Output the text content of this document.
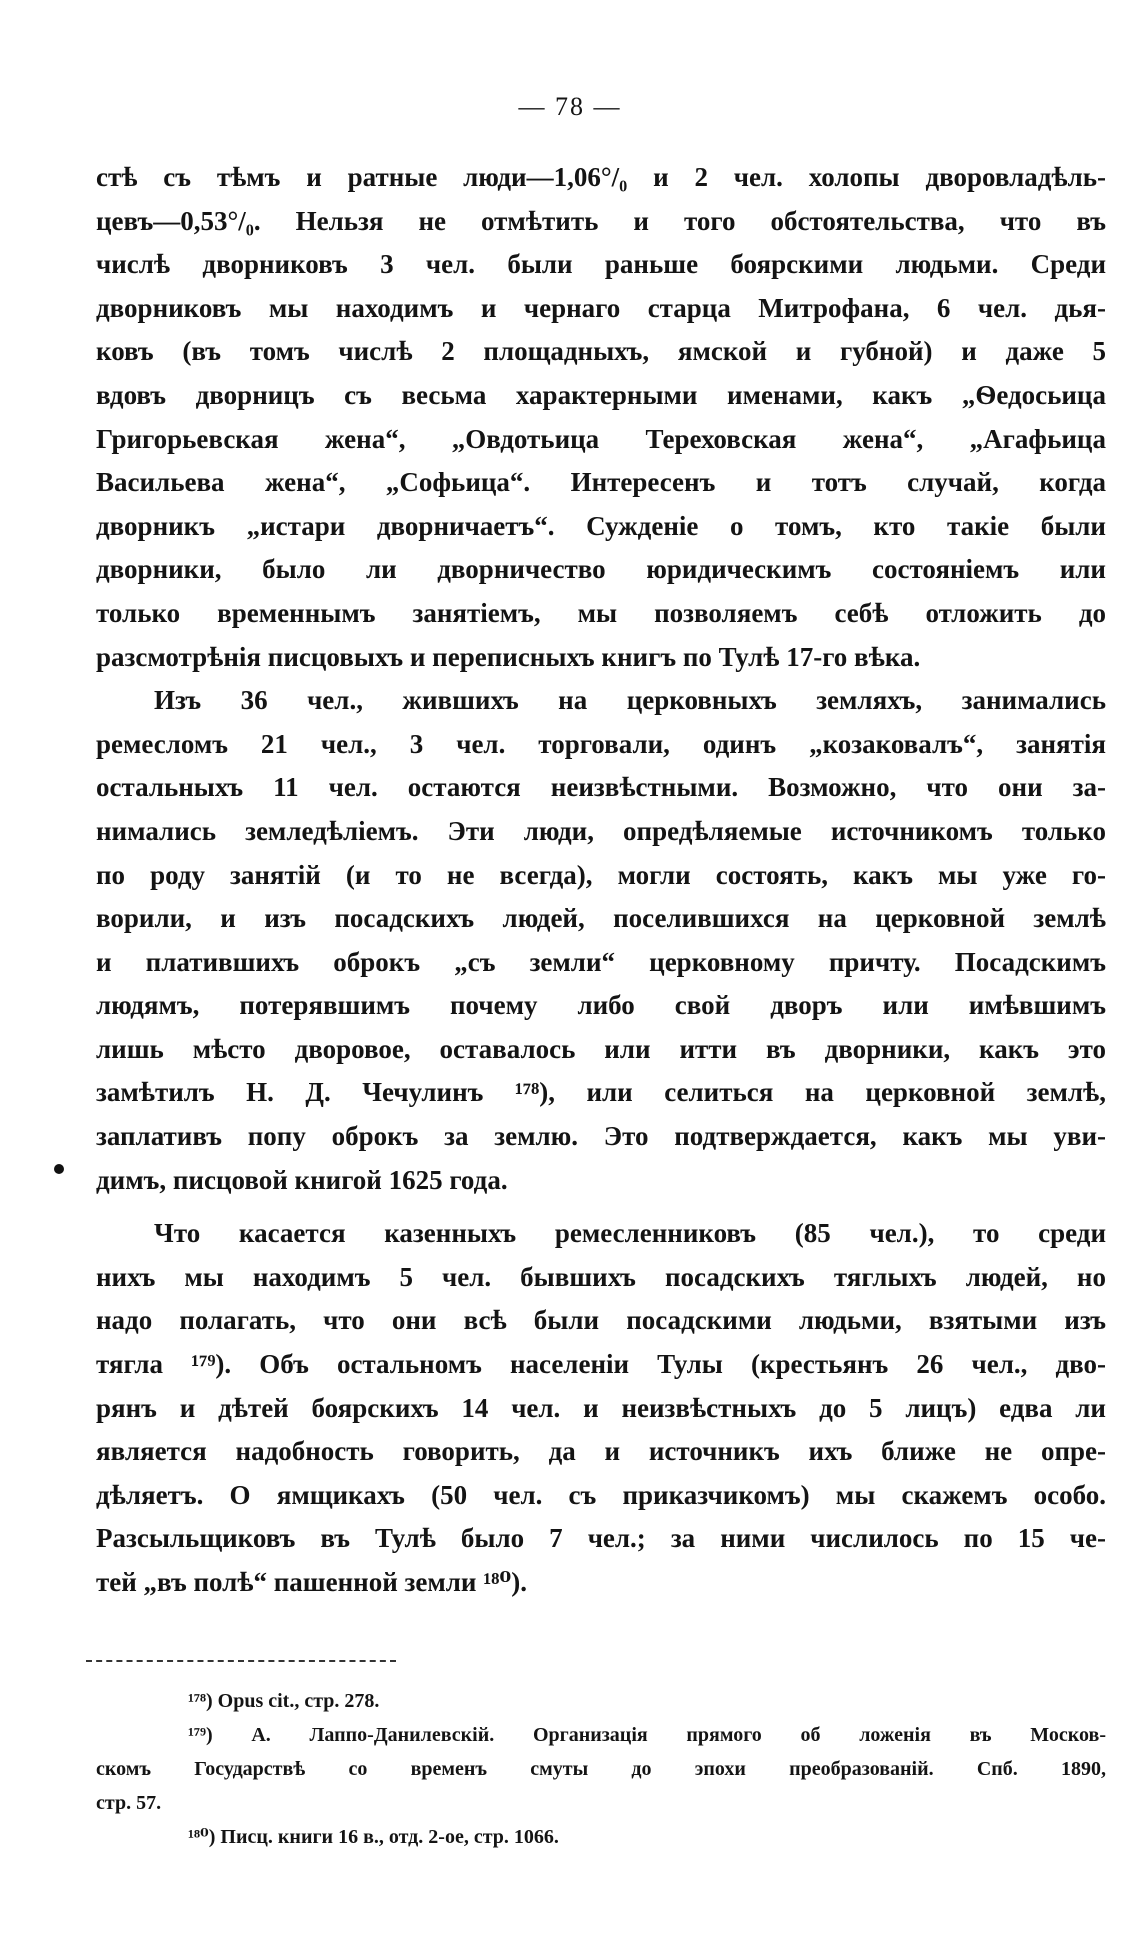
— 78 —

стѣ съ тѣмъ и ратные люди—1,06°/₀ и 2 чел. холопы дворовладѣль-
цевъ—0,53°/₀. Нельзя не отмѣтить и того обстоятельства, что въ
числѣ дворниковъ 3 чел. были раньше боярскими людьми. Среди
дворниковъ мы находимъ и чернаго старца Митрофана, 6 чел. дья-
ковъ (въ томъ числѣ 2 площадныхъ, ямской и губной) и даже 5
вдовъ дворницъ съ весьма характерными именами, какъ „Ѳедосьица
Григорьевская жена“, „Овдотьица Тереховская жена“, „Агафьица
Васильева жена“, „Софьица“. Интересенъ и тотъ случай, когда
дворникъ „истари дворничаетъ“. Сужденіе о томъ, кто такіе были
дворники, было ли дворничество юридическимъ состояніемъ или
только временнымъ занятіемъ, мы позволяемъ себѣ отложить до
разсмотрѣнія писцовыхъ и переписныхъ книгъ по Тулѣ 17-го вѣка.

Изъ 36 чел., жившихъ на церковныхъ земляхъ, занимались
ремесломъ 21 чел., 3 чел. торговали, одинъ „козаковалъ“, занятія
остальныхъ 11 чел. остаются неизвѣстными. Возможно, что они за-
нимались земледѣліемъ. Эти люди, опредѣляемые источникомъ только
по роду занятій (и то не всегда), могли состоять, какъ мы уже го-
ворили, и изъ посадскихъ людей, поселившихся на церковной землѣ
и платившихъ оброкъ „съ земли“ церковному причту. Посадскимъ
людямъ, потерявшимъ почему либо свой дворъ или имѣвшимъ
лишь мѣсто дворовое, оставалось или итти въ дворники, какъ это
замѣтилъ Н. Д. Чечулинъ ¹⁷⁸), или селиться на церковной землѣ,
заплативъ попу оброкъ за землю. Это подтверждается, какъ мы уви-
димъ, писцовой книгой 1625 года.

Что касается казенныхъ ремесленниковъ (85 чел.), то среди
нихъ мы находимъ 5 чел. бывшихъ посадскихъ тяглыхъ людей, но
надо полагать, что они всѣ были посадскими людьми, взятыми изъ
тягла ¹⁷⁹). Объ остальномъ населеніи Тулы (крестьянъ 26 чел., дво-
рянъ и дѣтей боярскихъ 14 чел. и неизвѣстныхъ до 5 лицъ) едва ли
является надобность говорить, да и источникъ ихъ ближе не опре-
дѣляетъ. О ямщикахъ (50 чел. съ приказчикомъ) мы скажемъ особо.
Разсыльщиковъ въ Тулѣ было 7 чел.; за ними числилось по 15 че-
тей „въ полѣ“ пашенной земли ¹⁸⁰).

¹⁷⁸) Opus cit., стр. 278.
¹⁷⁹) А. Лаппо-Данилевскій. Организація прямого об ложенія въ Москов-
скомъ Государствѣ со временъ смуты до эпохи преобразованій. Спб. 1890,
стр. 57.
¹⁸⁰) Писц. книги 16 в., отд. 2-ое, стр. 1066.
